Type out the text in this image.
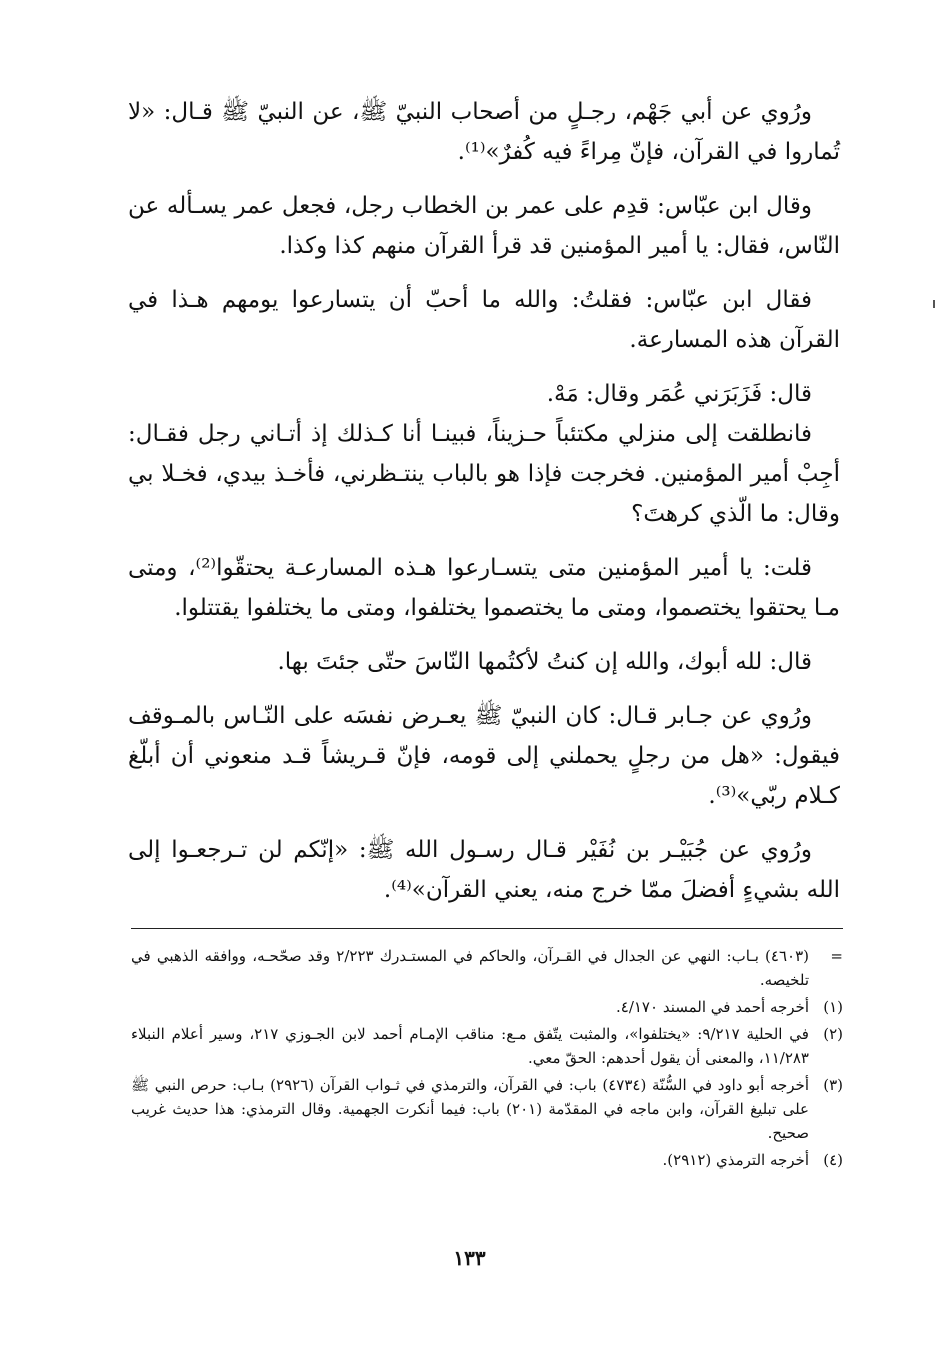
ورُوي عن أبي جَهْم، رجـلٍ من أصحاب النبيّ ﷺ، عن النبيّ ﷺ قـال: «لا تُماروا في القرآن، فإنّ مِراءً فيه كُفرٌ»⁽¹⁾.

وقال ابن عبّاس: قدِم على عمر بن الخطاب رجل، فجعل عمر يسـأله عن النّاس، فقال: يا أمير المؤمنين قد قرأ القرآن منهم كذا وكذا.

فقال ابن عبّاس: فقلتُ: والله ما أحبّ أن يتسارعوا يومهم هـذا في القرآن هذه المسارعة.

قال: فَزَبَرَني عُمَر وقال: مَهْ.

فانطلقت إلى منزلي مكتئباً حـزيناً، فبينـا أنا كـذلك إذ أتـاني رجل فقـال: أجِبْ أمير المؤمنين. فخرجت فإذا هو بالباب ينتـظرني، فأخـذ بيدي، فخـلا بي وقال: ما الّذي كرهتَ؟

قلت: يا أمير المؤمنين متى يتسـارعوا هـذه المسارعـة يحتقّوا⁽²⁾، ومتى مـا يحتقوا يختصموا، ومتى ما يختصموا يختلفوا، ومتى ما يختلفوا يقتتلوا.

قال: لله أبوك، والله إن كنتُ لأكتُمها النّاسَ حتّى جئتَ بها.

ورُوي عن جـابر قـال: كان النبيّ ﷺ يعـرض نفسَه على النّـاس بالمـوقف فيقول: «هل من رجلٍ يحملني إلى قومه، فإنّ قـريشاً قـد منعوني أن أبلّغ كـلام ربّي»⁽³⁾.

ورُوي عن جُبَيْـر بن نُفَيْر قـال رسـول الله ﷺ: «إنّكم لن تـرجعـوا إلى الله بشيءٍ أفضلَ ممّا خرج منه، يعني القرآن»⁽⁴⁾.

=
(٤٦٠٣) بـاب: النهي عن الجدال في القـرآن، والحاكم في المستـدرك ٢/٢٢٣ وقد صحّحـه، ووافقه الذهبي في تلخيصه.
(١)
أخرجه أحمد في المسند ٤/١٧٠.
(٢)
في الحلية ٩/٢١٧: «يختلفوا»، والمثبت يتّفق مـع: مناقب الإمـام أحمد لابن الجـوزي ٢١٧، وسير أعلام النبلاء ١١/٢٨٣، والمعنى أن يقول أحدهم: الحقّ معي.
(٣)
أخرجه أبو داود في السُّنّة (٤٧٣٤) باب: في القرآن، والترمذي في ثـواب القرآن (٢٩٢٦) بـاب: حرص النبي ﷺ على تبليغ القرآن، وابن ماجه في المقدّمة (٢٠١) باب: فيما أنكرت الجهمية. وقال الترمذي: هذا حديث غريب صحيح.
(٤)
أخرجه الترمذي (٢٩١٢).
١٣٣
